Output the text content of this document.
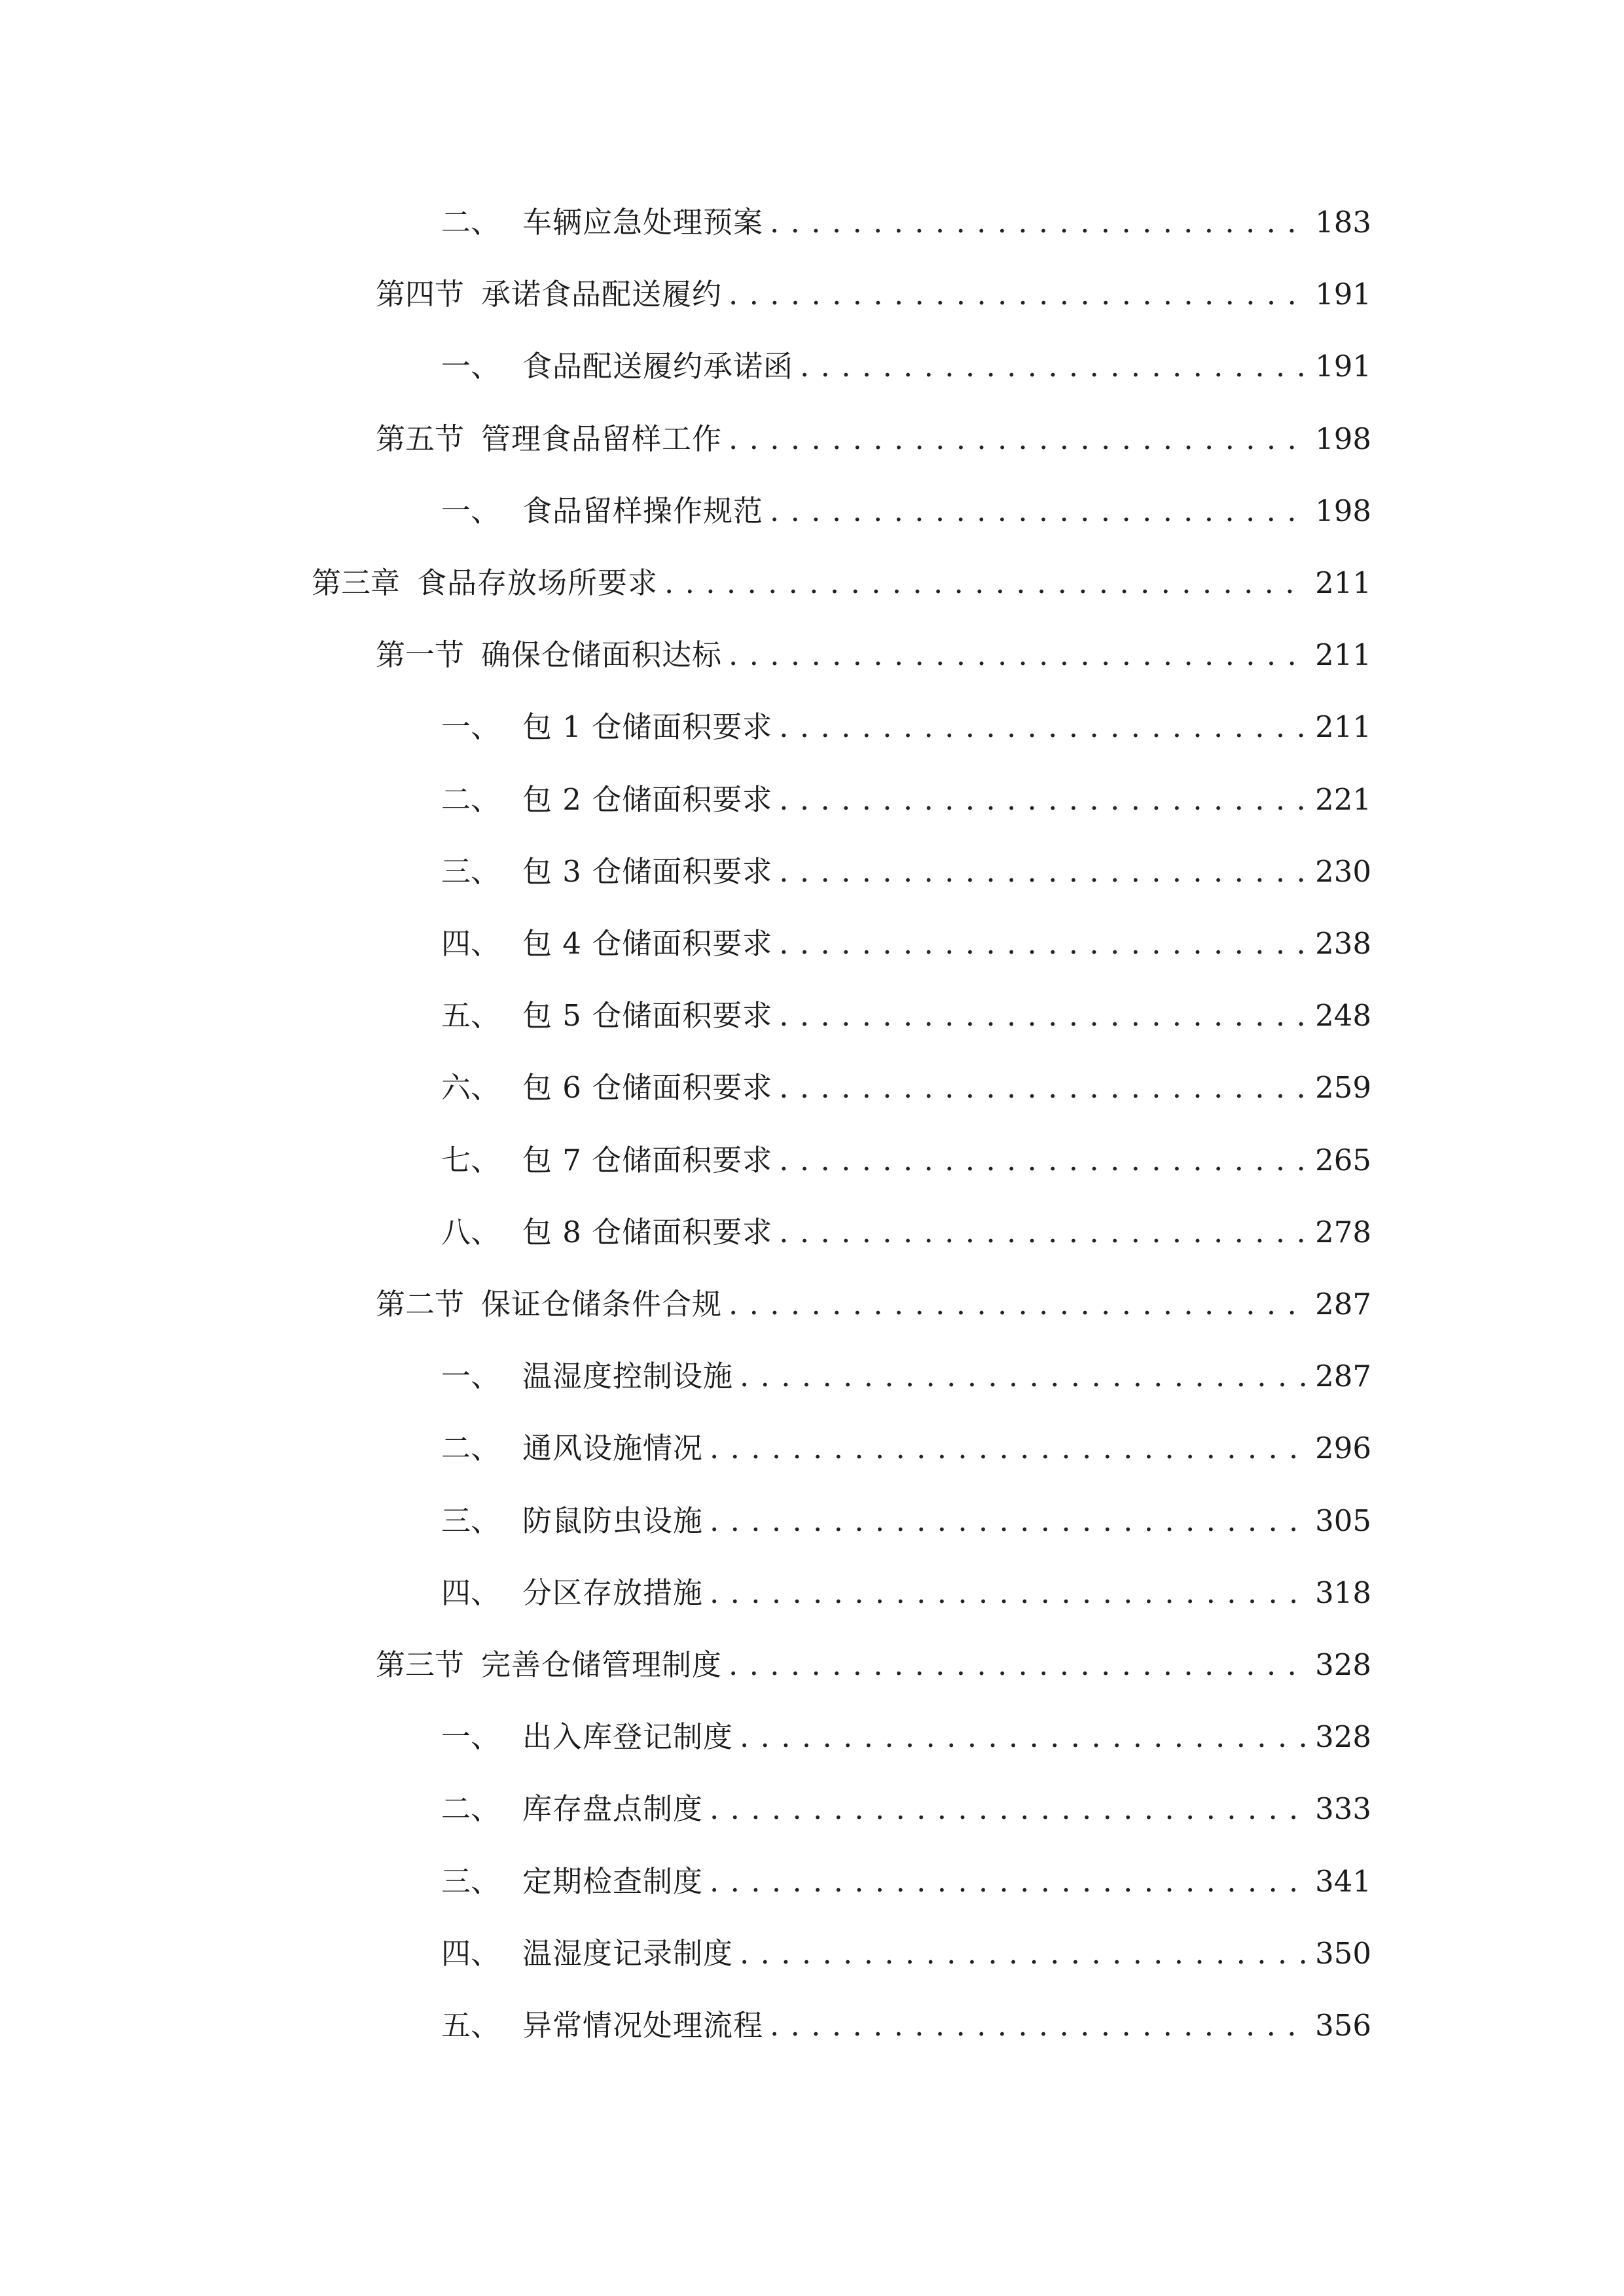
二、 车辆应急处理预案 . . .	183
第四节 承诺食品配送履约 . . .	191
一、 食品配送履约承诺函 . . .	191
第五节 管理食品留样工作 . . .	198
一、 食品留样操作规范 . . .	198
第三章 食品存放场所要求 . . .	211
第一节 确保仓储面积达标 . . .	211
一、 包 1 仓储面积要求 . . .	211
二、 包 2 仓储面积要求 . . .	221
三、 包 3 仓储面积要求 . . .	230
四、 包 4 仓储面积要求 . . .	238
五、 包 5 仓储面积要求 . . .	248
六、 包 6 仓储面积要求 . . .	259
七、 包 7 仓储面积要求 . . .	265
八、 包 8 仓储面积要求 . . .	278
第二节 保证仓储条件合规 . . .	287
一、 温湿度控制设施 . . .	287
二、 通风设施情况 . . .	296
三、 防鼠防虫设施 . . .	305
四、 分区存放措施 . . .	318
第三节 完善仓储管理制度 . . .	328
一、 出入库登记制度 . . .	328
二、 库存盘点制度 . . .	333
三、 定期检查制度 . . .	341
四、 温湿度记录制度 . . .	350
五、 异常情况处理流程 . . .	356
